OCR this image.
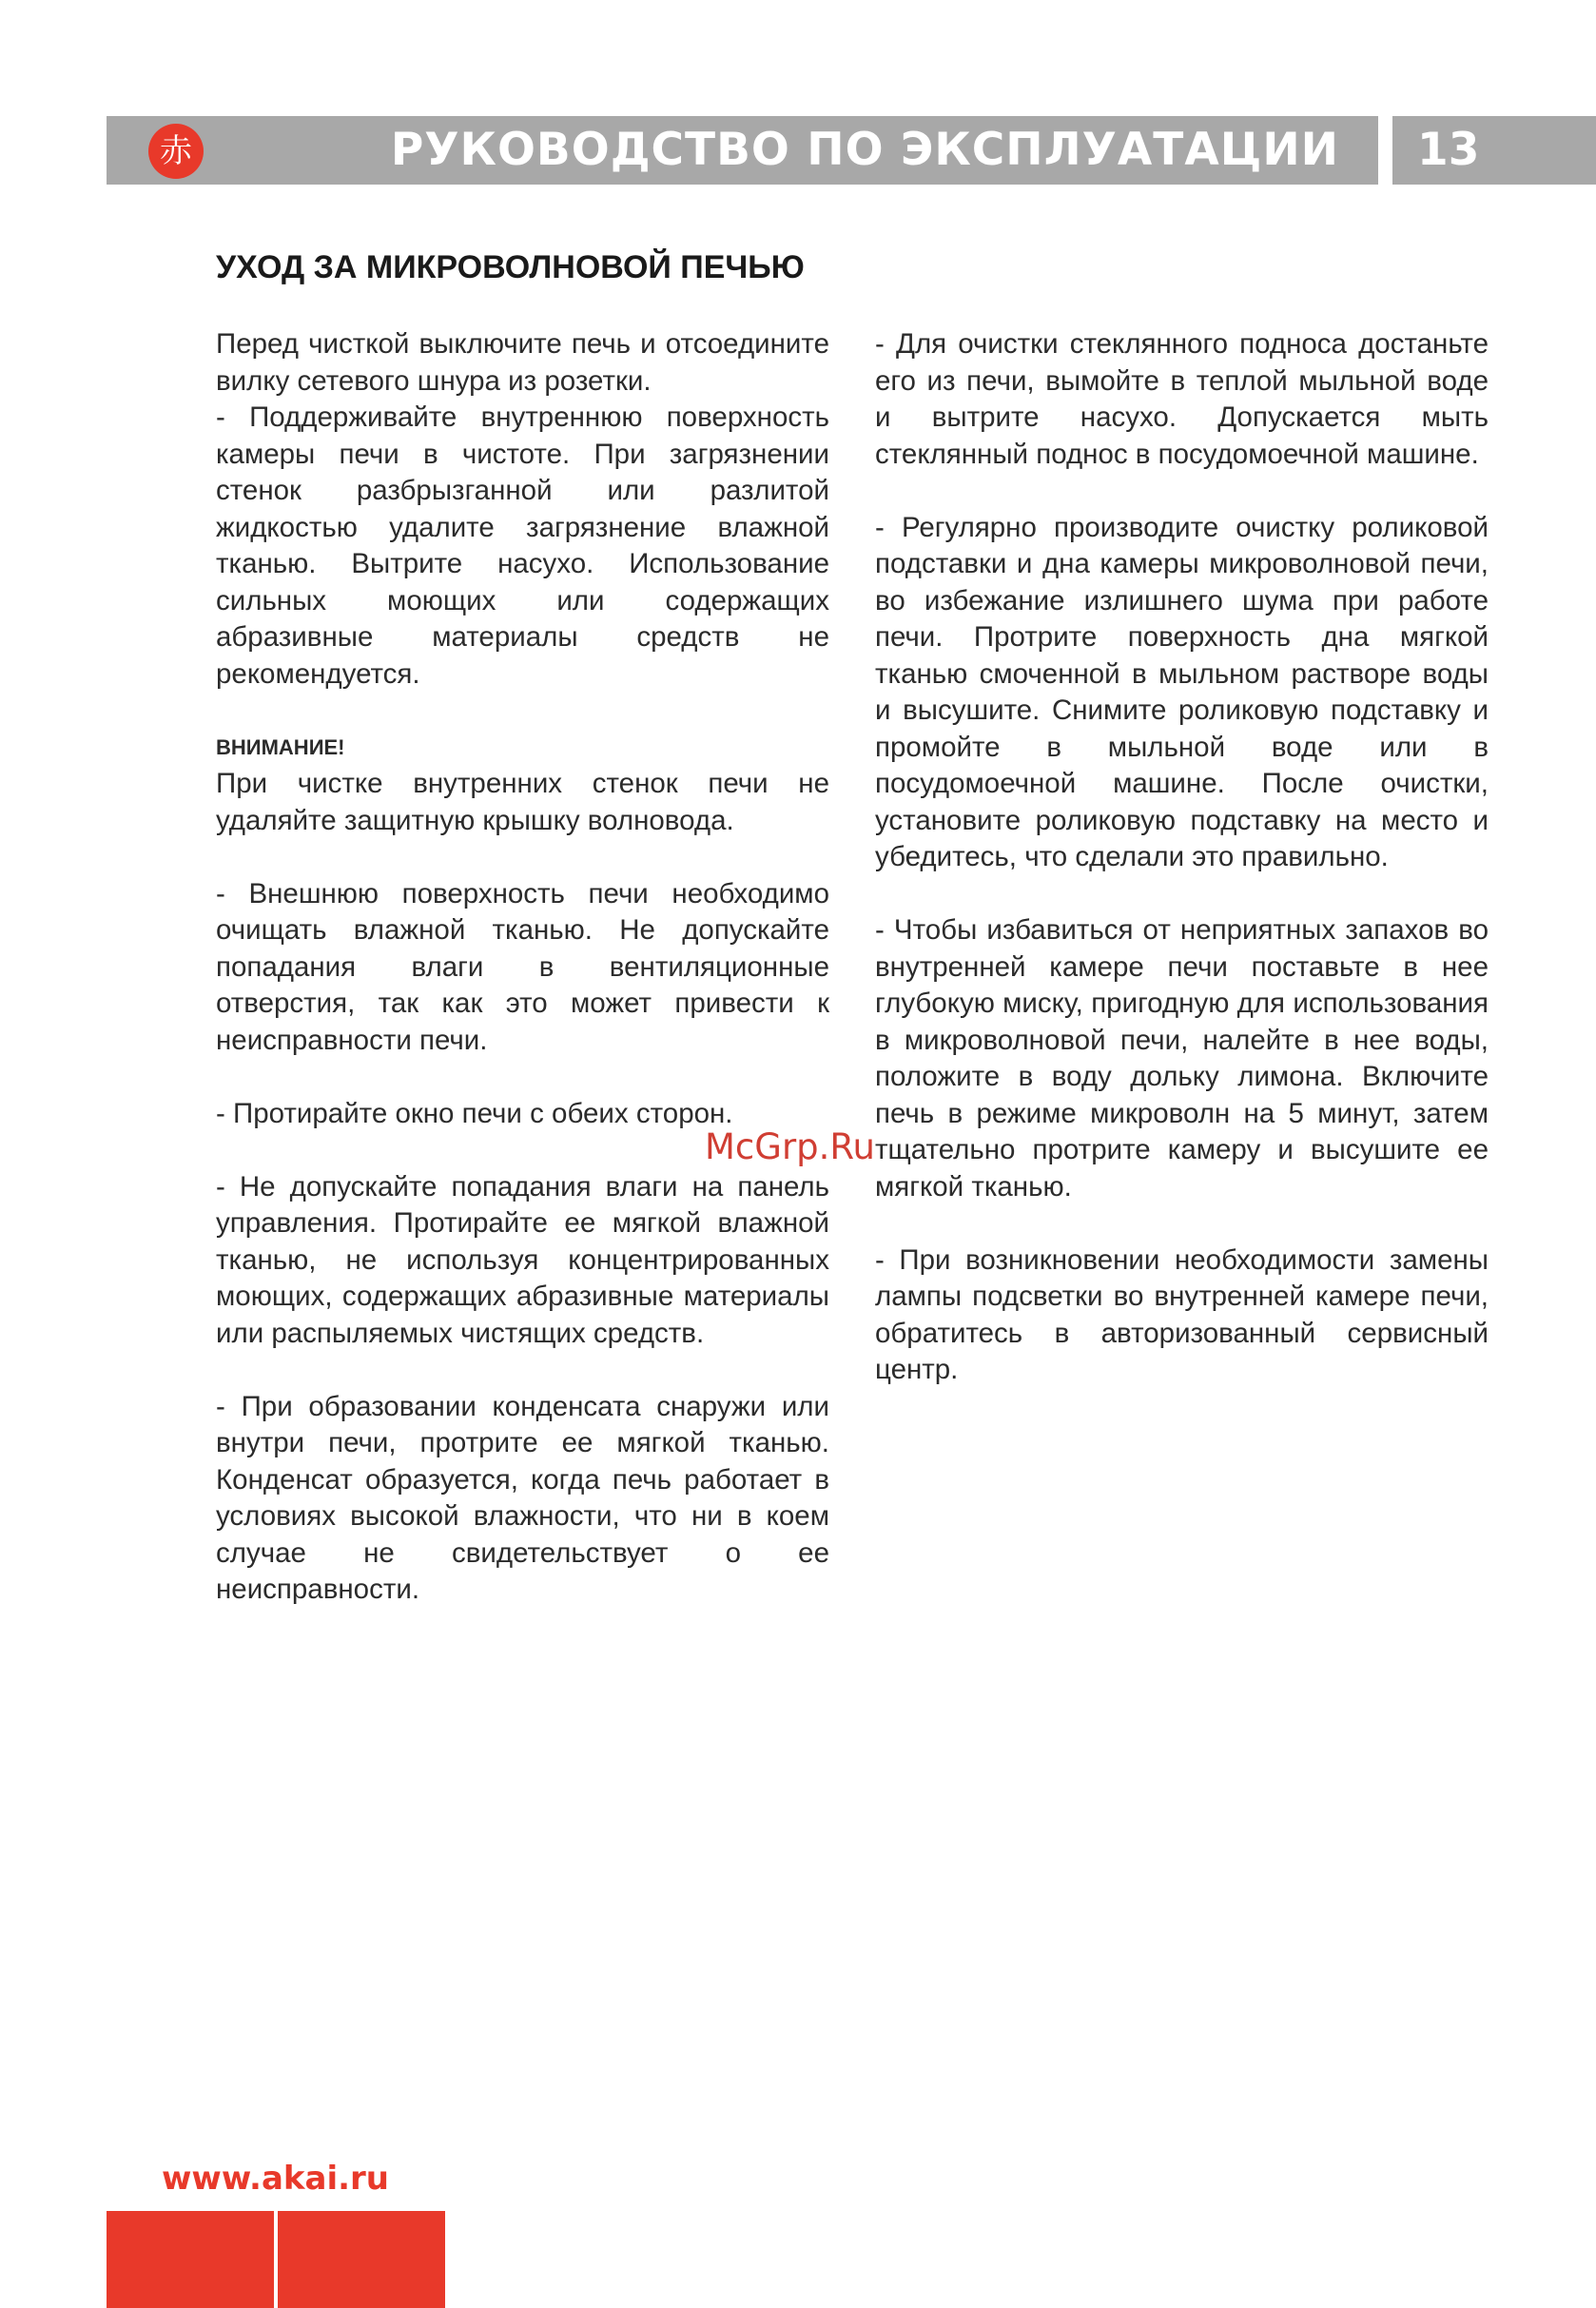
赤	РУКОВОДСТВО ПО ЭКСПЛУАТАЦИИ 13
УХОД ЗА МИКРОВОЛНОВОЙ ПЕЧЬЮ

Перед чисткой выключите печь и отсоедините вилку сетевого шнура из розетки.

- Поддерживайте внутреннюю поверхность камеры печи в чистоте. При загрязнении стенок разбрызганной или разлитой жидкостью удалите загрязнение влажной тканью. Вытрите насухо. Использование сильных моющих или содержащих абразивные материалы средств не рекомендуется.

ВНИМАНИЕ!

При чистке внутренних стенок печи не удаляйте защитную крышку волновода.

- Внешнюю поверхность печи необходимо очищать влажной тканью. Не допускайте попадания влаги в вентиляционные отверстия, так как это может привести к неисправности печи.

- Протирайте окно печи с обеих сторон.

- Не допускайте попадания влаги на панель управления. Протирайте ее мягкой влажной тканью, не используя концентрированных моющих, содержащих абразивные материалы или распыляемых чистящих средств.

- При образовании конденсата снаружи или внутри печи, протрите ее мягкой тканью. Конденсат образуется, когда печь работает в условиях высокой влажности, что ни в коем случае не свидетельствует о ее неисправности.

- Для очистки стеклянного подноса достаньте его из печи, вымойте в теплой мыльной воде и вытрите насухо. Допускается мыть стеклянный поднос в посудомоечной машине.

- Регулярно производите очистку роликовой подставки и дна камеры микроволновой печи, во избежание излишнего шума при работе печи. Протрите поверхность дна мягкой тканью смоченной в мыльном растворе воды и высушите. Снимите роликовую подставку и промойте в мыльной воде или в посудомоечной машине. После очистки, установите роликовую подставку на место и убедитесь, что сделали это правильно.

- Чтобы избавиться от неприятных запахов во внутренней камере печи поставьте в нее глубокую миску, пригодную для использования в микроволновой печи, налейте в нее воды, положите в воду дольку лимона. Включите печь в режиме микроволн на 5 минут, затем тщательно протрите камеру и высушите ее мягкой тканью.

- При возникновении необходимости замены лампы подсветки во внутренней камере печи, обратитесь в авторизованный сервисный центр.

McGrp.Ru
www.akai.ru
